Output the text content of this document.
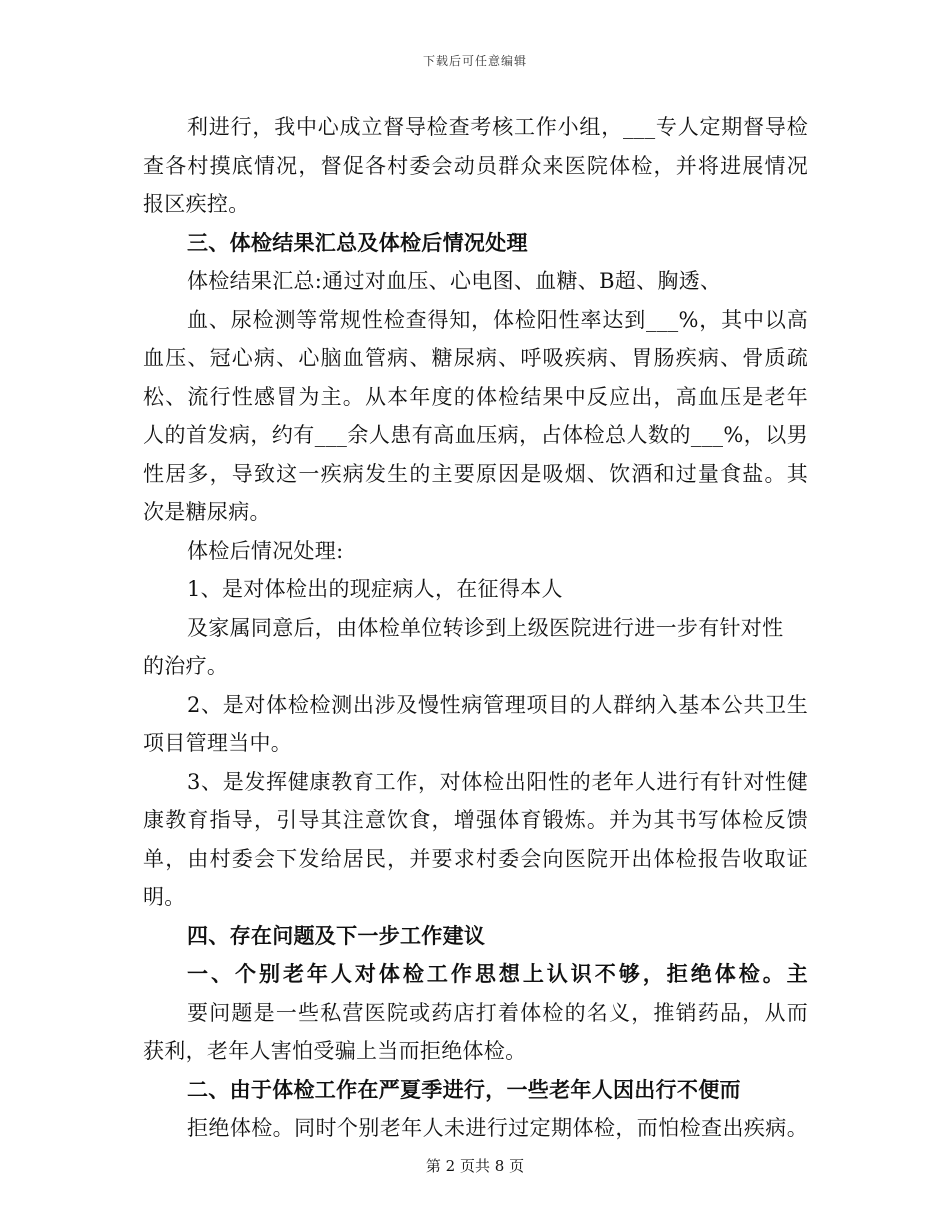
下载后可任意编辑
利进行，我中心成立督导检查考核工作小组，___专人定期督导检
查各村摸底情况，督促各村委会动员群众来医院体检，并将进展情况
报区疾控。
三、体检结果汇总及体检后情况处理
体检结果汇总:通过对血压、心电图、血糖、B超、胸透、
血、尿检测等常规性检查得知，体检阳性率达到___%，其中以高
血压、冠心病、心脑血管病、糖尿病、呼吸疾病、胃肠疾病、骨质疏
松、流行性感冒为主。从本年度的体检结果中反应出，高血压是老年
人的首发病，约有___余人患有高血压病，占体检总人数的___%，以男
性居多，导致这一疾病发生的主要原因是吸烟、饮酒和过量食盐。其
次是糖尿病。
体检后情况处理:
1、是对体检出的现症病人，在征得本人
及家属同意后，由体检单位转诊到上级医院进行进一步有针对性
的治疗。
2、是对体检检测出涉及慢性病管理项目的人群纳入基本公共卫生
项目管理当中。
3、是发挥健康教育工作，对体检出阳性的老年人进行有针对性健
康教育指导，引导其注意饮食，增强体育锻炼。并为其书写体检反馈
单，由村委会下发给居民，并要求村委会向医院开出体检报告收取证
明。
四、存在问题及下一步工作建议
一、个别老年人对体检工作思想上认识不够，拒绝体检。主
要问题是一些私营医院或药店打着体检的名义，推销药品，从而
获利，老年人害怕受骗上当而拒绝体检。
二、由于体检工作在严夏季进行，一些老年人因出行不便而
拒绝体检。同时个别老年人未进行过定期体检，而怕检查出疾病。
第 2 页共 8 页
